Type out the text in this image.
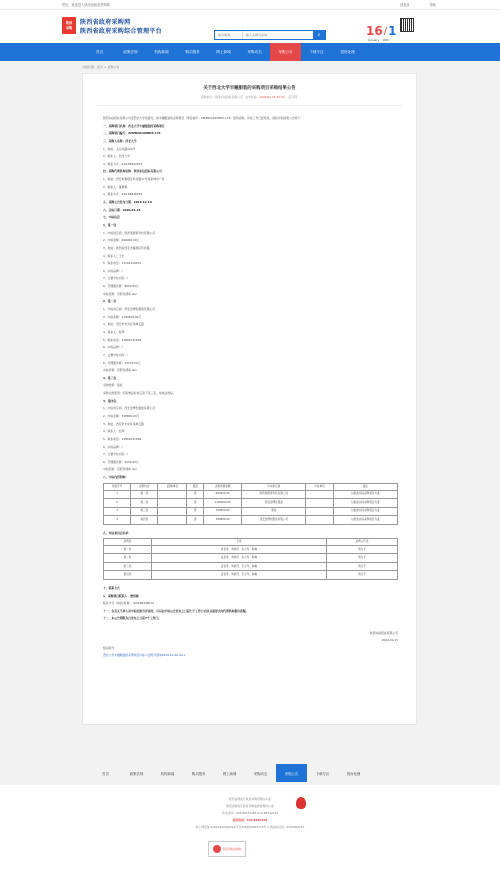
您好，欢迎进入陕西省政府采购网	请登录	帮助
陕西
采购
陕西省政府采购网
陕西省政府采购综合管理平台	综合查询
输入关键词查询	⌕	16 / 1
January 16th
首页	政策法规	机构新闻	购买服务	网上商城	采购动态	采购公告	下载专区	投诉处理
当前位置：首页 > 采购公告
关于西北大学丰融服装的采购项目采购结果公告
采购单位：陕西东信招标有限公司 发布时间：2020-01-15 16:43 【打印】

陕西东信招标有限公司受西北大学的委托，就丰融服装的采购项目（项目编号：ZMZB2019XBDX-176）组织采购，评标工作已经结束，现将评标结果公告如下：

一、采购项目名称：西北大学丰融服装的采购项目

二、采购项目编号：ZMZB2019XBDX-176

三、采购人名称：西北大学

1、地址：太白北路229号

2、联系人：西北大学

3、联系方式：029-88302974

四、采购代理机构名称：陕西东信招标有限公司

1、地址：西安市雁塔区科技路37号海星城市广场

2、联系人：董勇刚

3、联系方式：029-88446079

五、采购公告发布日期：2019-12-10

六、定标日期：2020-01-15

七、中标信息

1、第一包

1、中标供应商：陕西奥德泰科技有限公司

2、中标金额：690000.00元

3、地址：陕西省西安市雁塔区科技路

4、联系人：王杰

5、联系电话：15291129931

6、中标品牌：/

7、主要中标内容：/

8、代理服务费：8650.00元

中标结果：见附件清单.doc

2、第二包

1、中标供应商：西安金博化服装有限公司

2、中标金额：1180000.00元

3、地址：西安市未央区凤城五路

4、联系人：杜辉

5、联系电话：13891031569

6、中标品牌：/

7、主要中标内容：/

8、代理服务费：13372.50元

中标结果：见附件清单.doc

3、第三包

采购结果：废标

采购失败原因：因有效投标供应商不足三家，故依法废标。

4、第四包

1、中标供应商：西安金博化服装有限公司

2、中标金额：358800.00元

3、地址：西安市未央区凤城五路

4、联系人：杜辉

5、联系电话：13891031569

6、中标品牌：/

7、主要中标内容：/

8、代理服务费：5232.00元

中标结果：见附件清单.doc

八、中标内容明细：

包组序号	采购内容	品牌/单位	数量	采购预算金额	中标供应商	中标单价	备注
1	第一包		套	690000.00	陕西奥德泰科技有限公司		以批准实际采购项目为准
2	第二包		套	1180000.00	西安金博化服装		以批准实际采购项目为准
3	第三包		套	740000.00	废标		以批准实际采购项目为准
4	第四包		套	358800.00	西安金博化服装有限公司		以批准实际采购项目为准

九、评标委员会名单：

采购包	专家	采购人代表
第一包	肖金涛、刘秋玲、宋立军、韩梅	贾文平
第二包	孟金涛、刘秋玲、宋立军、韩梅	贾文平
第三包	孟金涛、刘秋玲、宋立军、韩梅	贾文平
第四包	孟金涛、刘秋玲、宋立军、韩梅	贾文平

十、联系方式

1、采购项目联系人：董勇刚

联系方式（电话/传真）：029-88446079

十一、各有关当事人对中标结果有异议的，可以在中标公告发布之日起七个工作日内以书面形式向代理机构提出质疑。

十二、本公告期限为自发布之日起7个工作日。

陕西东信招标有限公司

2020-01-15

相关附件：

西北大学丰融服装的采购项目中标公告附件清单2019-12-26.docx

首页	政策法规	机构新闻	购买服务	网上商城	采购动态	采购公告	下载专区	投诉处理

陕西省财政厅政府采购管理办公室

陕西省财政厅政府采购监督管理办公室

技术支持：029-88752485 029-88752440

服务热线：400-8892199

陕公网安备 61010402000229号 陕ICP备05005776号-1 网站标识码：6100000112

政府网站找错
